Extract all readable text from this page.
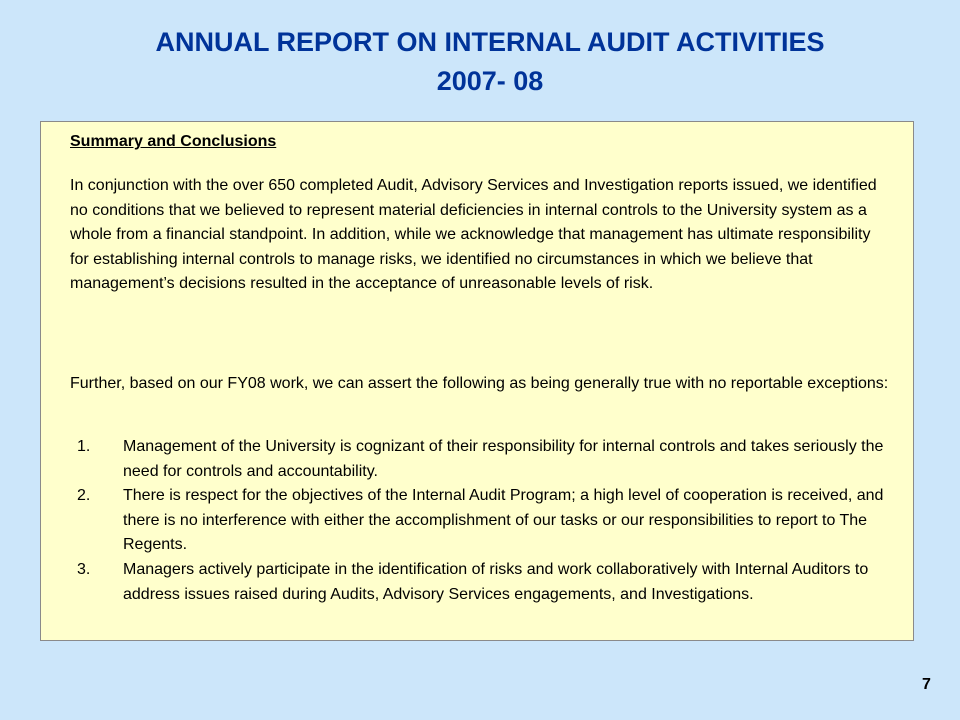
ANNUAL REPORT ON INTERNAL AUDIT ACTIVITIES
2007- 08
Summary and Conclusions

In conjunction with the over 650 completed Audit, Advisory Services and Investigation reports issued, we identified no conditions that we believed to represent material deficiencies in internal controls to the University system as a whole from a financial standpoint. In addition, while we acknowledge that management has ultimate responsibility for establishing internal controls to manage risks, we identified no circumstances in which we believe that management’s decisions resulted in the acceptance of unreasonable levels of risk.

Further, based on our FY08 work, we can assert the following as being generally true with no reportable exceptions:

1. Management of the University is cognizant of their responsibility for internal controls and takes seriously the need for controls and accountability.
2. There is respect for the objectives of the Internal Audit Program; a high level of cooperation is received, and there is no interference with either the accomplishment of our tasks or our responsibilities to report to The Regents.
3. Managers actively participate in the identification of risks and work collaboratively with Internal Auditors to address issues raised during Audits, Advisory Services engagements, and Investigations.
7
